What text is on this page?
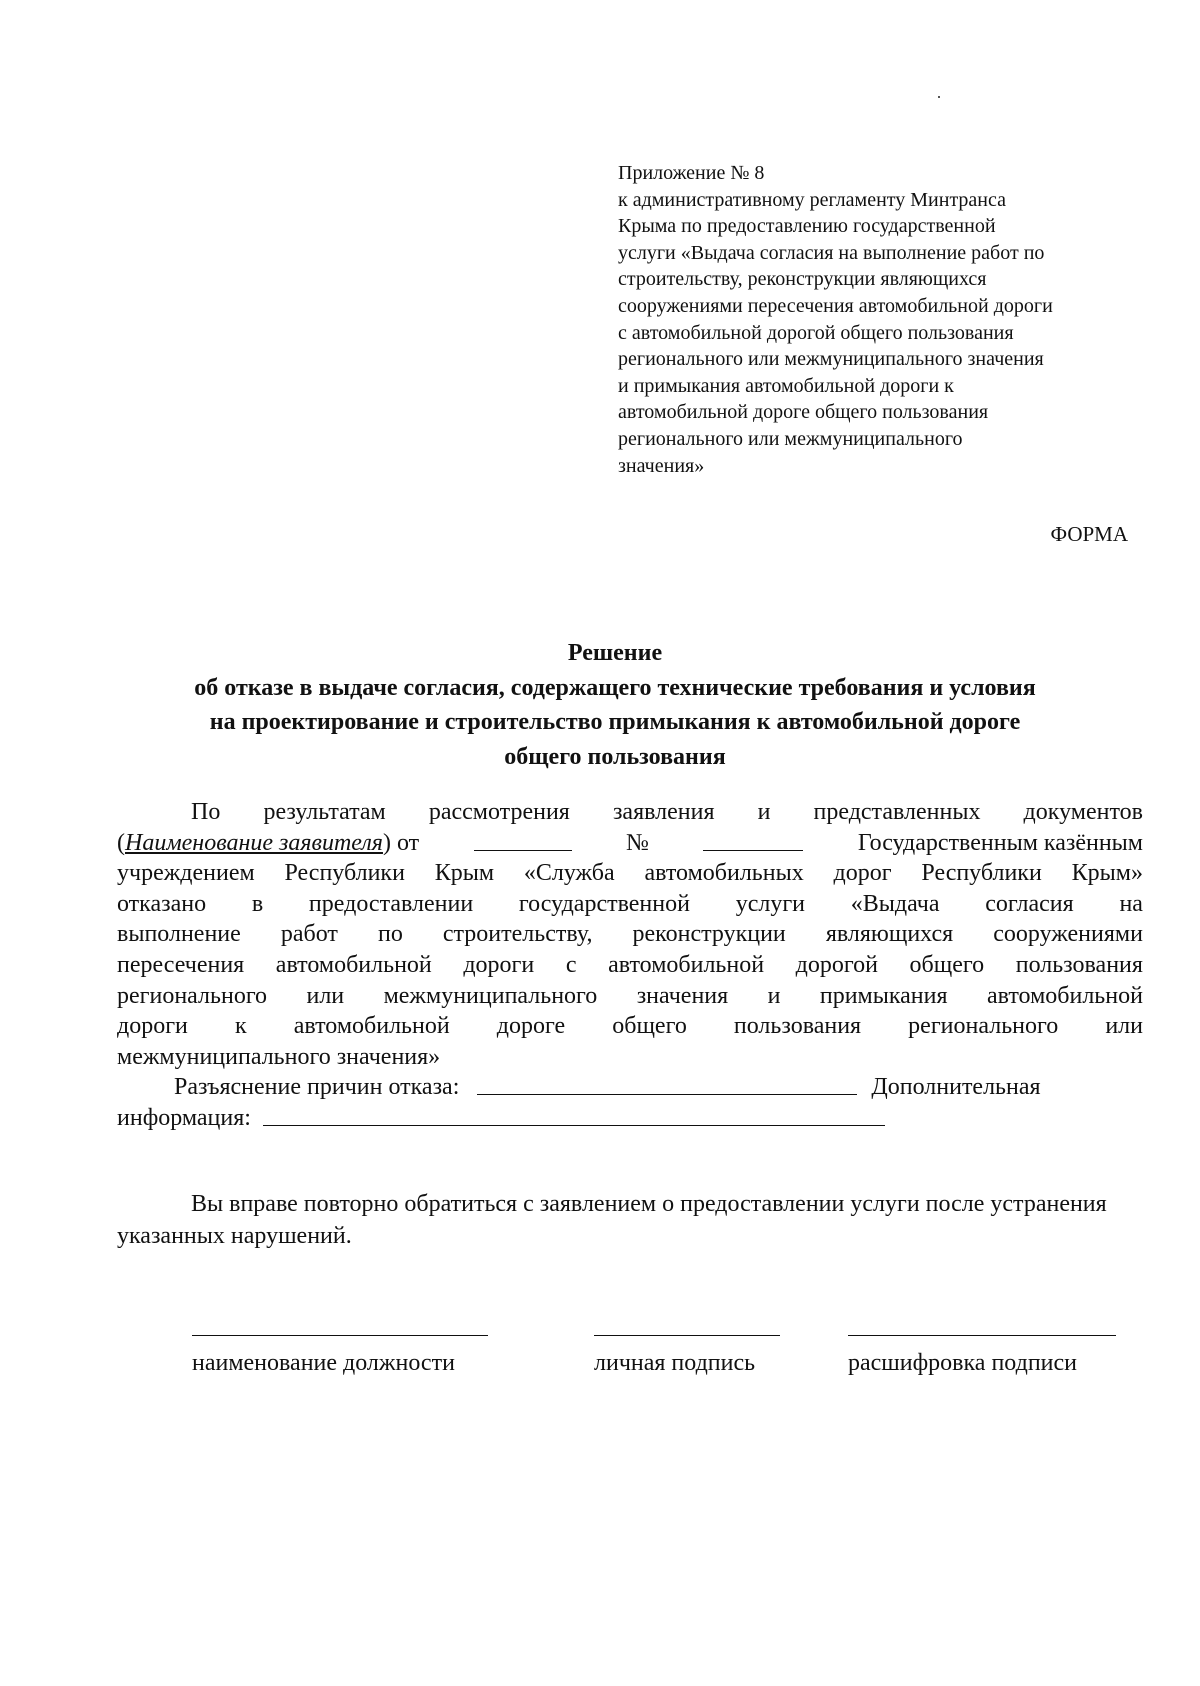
Приложение № 8
к административному регламенту Минтранса
Крыма по предоставлению государственной
услуги «Выдача согласия на выполнение работ по
строительству, реконструкции являющихся
сооружениями пересечения автомобильной дороги
с автомобильной дорогой общего пользования
регионального или межмуниципального значения
и примыкания автомобильной дороги к
автомобильной дороге общего пользования
регионального или межмуниципального
значения»
ФОРМА
Решение
об отказе в выдаче согласия, содержащего технические требования и условия
на проектирование и строительство примыкания к автомобильной дороге
общего пользования
По результатам рассмотрения заявления и представленных документов
(Наименование заявителя) от	№	Государственным казённым
учреждением Республики Крым «Служба автомобильных дорог Республики Крым»
отказано в предоставлении государственной услуги «Выдача согласия на
выполнение работ по строительству, реконструкции являющихся сооружениями
пересечения автомобильной дороги с автомобильной дорогой общего пользования
регионального или межмуниципального значения и примыкания автомобильной
дороги к автомобильной дороге общего пользования регионального или
межмуниципального значения»
Разъяснение причин отказа:	Дополнительная
информация:
Вы вправе повторно обратиться с заявлением о предоставлении услуги после устранения указанных нарушений.
наименование должности	личная подпись	расшифровка подписи
